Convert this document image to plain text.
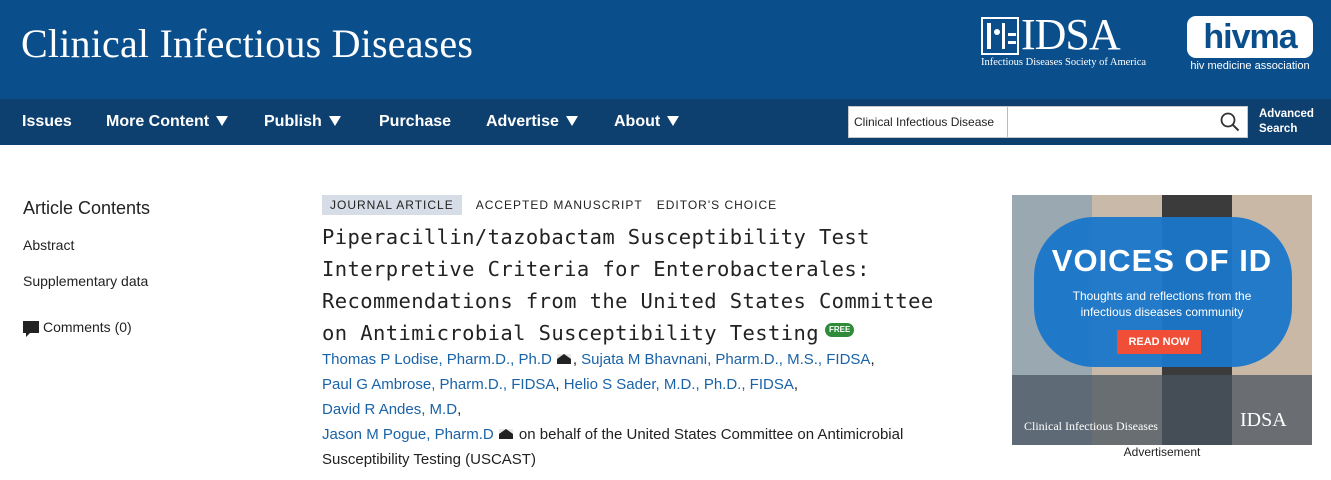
Clinical Infectious Diseases	IDSA
Infectious Diseases Society of America
hivma
hiv medicine association
Issues More Content	Publish	Purchase Advertise	About	Clinical Infectious Disease
Advanced
Search
Article Contents
Abstract
Supplementary data
Comments (0)
JOURNAL ARTICLE ACCEPTED MANUSCRIPT EDITOR'S CHOICE
Piperacillin/tazobactam Susceptibility Test Interpretive Criteria for Enterobacterales: Recommendations from the United States Committee on Antimicrobial Susceptibility Testing FREE
Thomas P Lodise, Pharm.D., Ph.D , Sujata M Bhavnani, Pharm.D., M.S., FIDSA,
Paul G Ambrose, Pharm.D., FIDSA, Helio S Sader, M.D., Ph.D., FIDSA,
David R Andes, M.D,
Jason M Pogue, Pharm.D on behalf of the United States Committee on Antimicrobial Susceptibility Testing (USCAST)
VOICES OF ID
Thoughts and reflections from the infectious diseases community
READ NOW
Clinical Infectious Diseases	IDSA
Advertisement
